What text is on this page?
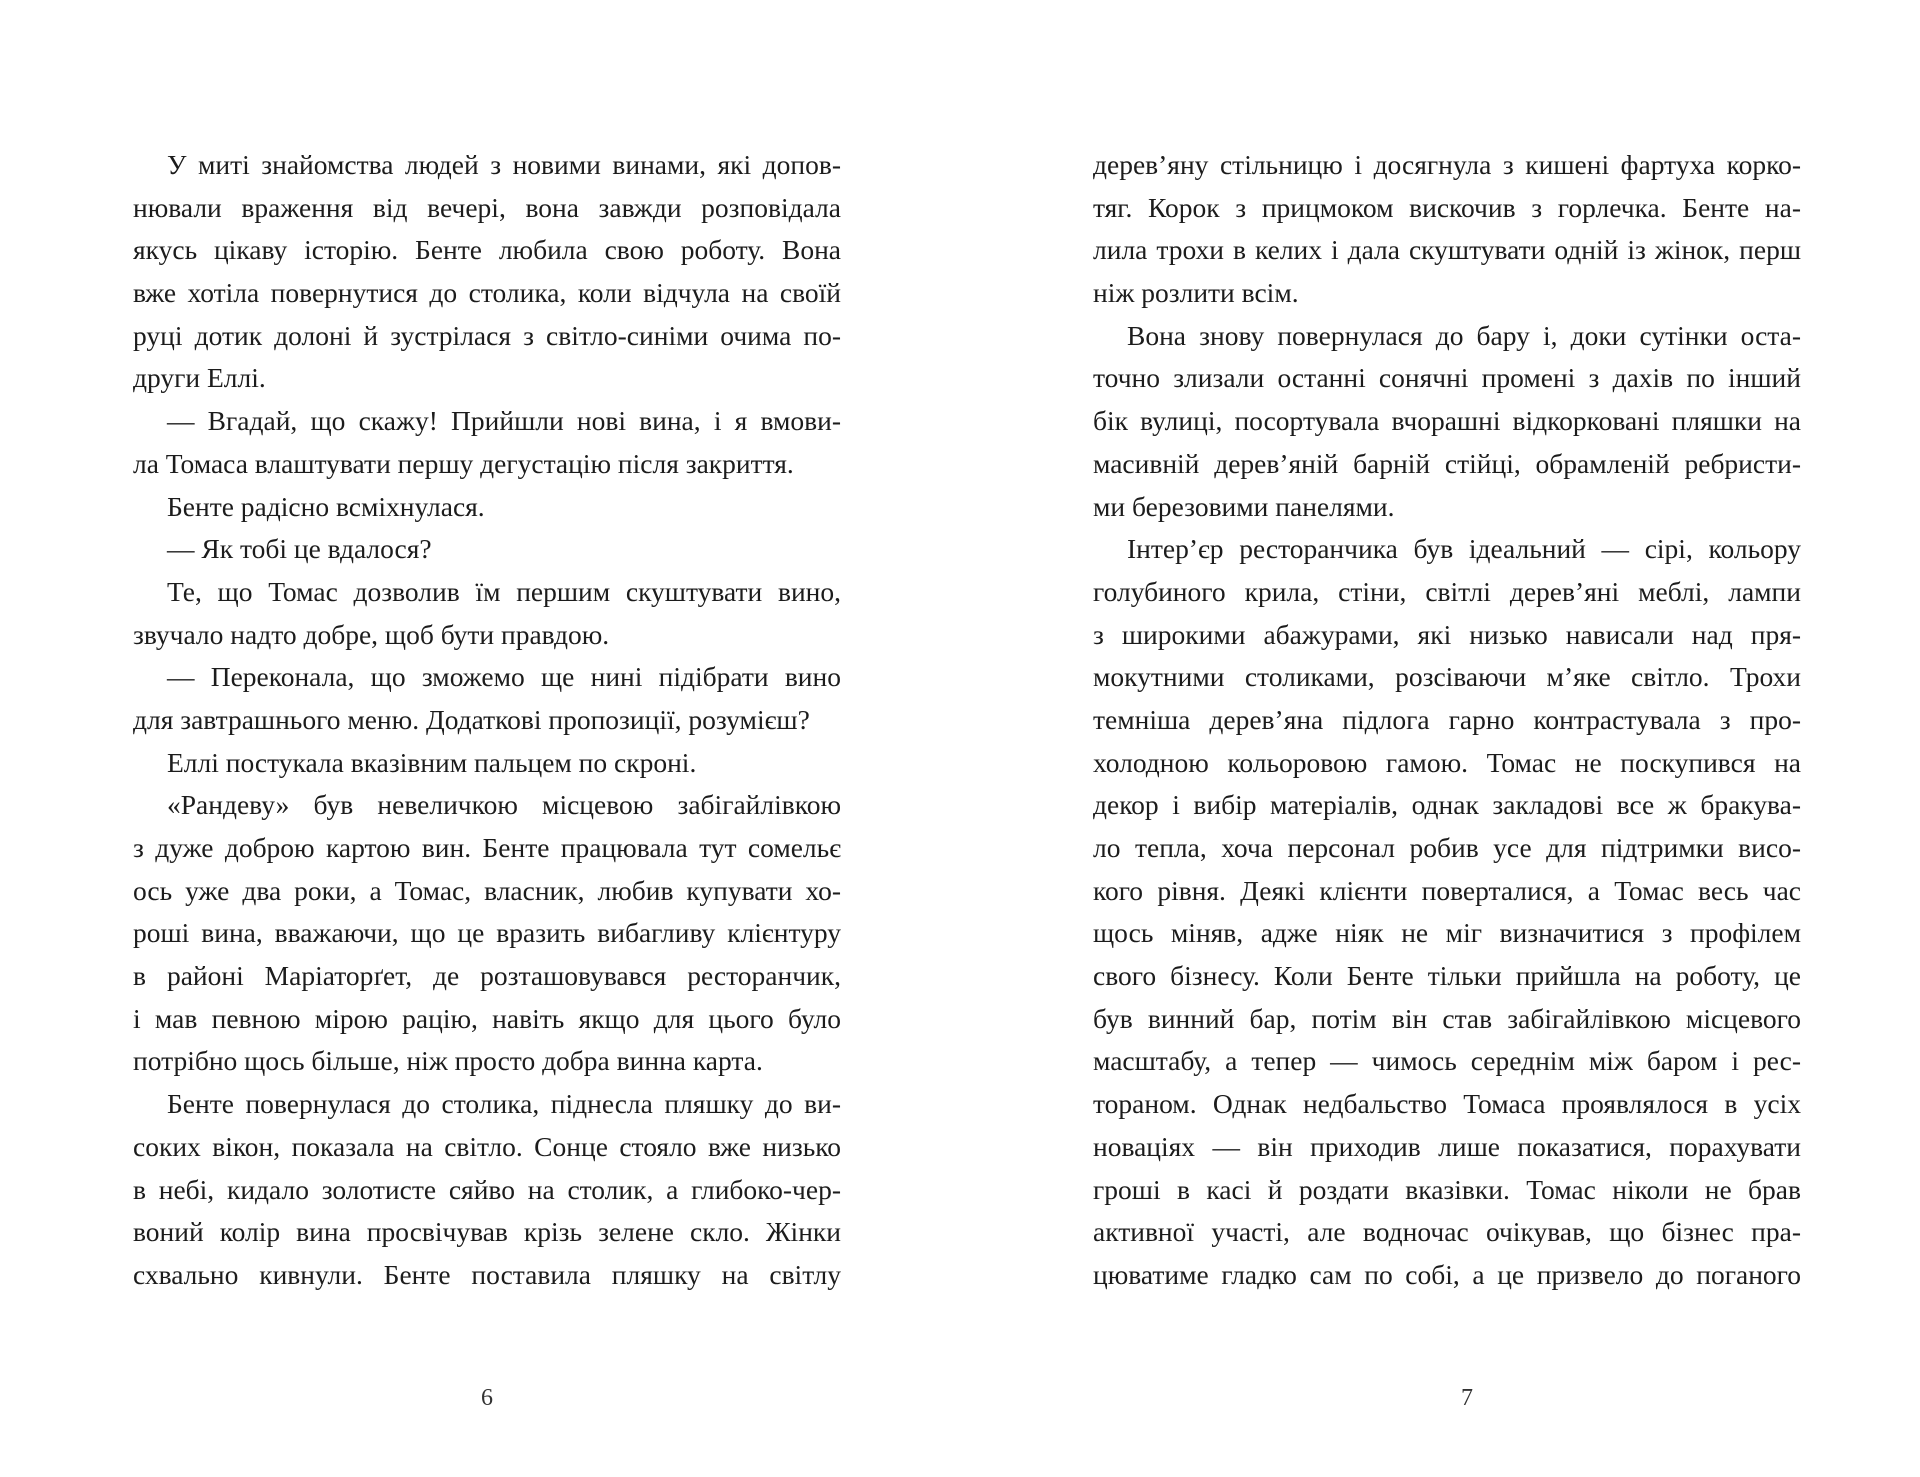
У миті знайомства людей з новими винами, які допов-
нювали враження від вечері, вона завжди розповідала
якусь цікаву історію. Бенте любила свою роботу. Вона
вже хотіла повернутися до столика, коли відчула на своїй
руці дотик долоні й зустрілася з світло-синіми очима по-
други Еллі.
— Вгадай, що скажу! Прийшли нові вина, і я вмови-
ла Томаса влаштувати першу дегустацію після закриття.
Бенте радісно всміхнулася.
— Як тобі це вдалося?
Те, що Томас дозволив їм першим скуштувати вино,
звучало надто добре, щоб бути правдою.
— Переконала, що зможемо ще нині підібрати вино
для завтрашнього меню. Додаткові пропозиції, розумієш?
Еллі постукала вказівним пальцем по скроні.
«Рандеву» був невеличкою місцевою забігайлівкою
з дуже доброю картою вин. Бенте працювала тут сомельє
ось уже два роки, а Томас, власник, любив купувати хо-
роші вина, вважаючи, що це вразить вибагливу клієнтуру
в районі Маріаторґет, де розташовувався ресторанчик,
і мав певною мірою рацію, навіть якщо для цього було
потрібно щось більше, ніж просто добра винна карта.
Бенте повернулася до столика, піднесла пляшку до ви-
соких вікон, показала на світло. Сонце стояло вже низько
в небі, кидало золотисте сяйво на столик, а глибоко-чер-
воний колір вина просвічував крізь зелене скло. Жінки
схвально кивнули. Бенте поставила пляшку на світлу
6
дерев’яну стільницю і досягнула з кишені фартуха корко-
тяг. Корок з прицмоком вискочив з горлечка. Бенте на-
лила трохи в келих і дала скуштувати одній із жінок, перш
ніж розлити всім.
Вона знову повернулася до бару і, доки сутінки оста-
точно злизали останні сонячні промені з дахів по інший
бік вулиці, посортувала вчорашні відкорковані пляшки на
масивній дерев’яній барній стійці, обрамленій ребристи-
ми березовими панелями.
Інтер’єр ресторанчика був ідеальний — сірі, кольору
голубиного крила, стіни, світлі дерев’яні меблі, лампи
з широкими абажурами, які низько нависали над пря-
мокутними столиками, розсіваючи м’яке світло. Трохи
темніша дерев’яна підлога гарно контрастувала з про-
холодною кольоровою гамою. Томас не поскупився на
декор і вибір матеріалів, однак закладові все ж бракува-
ло тепла, хоча персонал робив усе для підтримки висо-
кого рівня. Деякі клієнти поверталися, а Томас весь час
щось міняв, адже ніяк не міг визначитися з профілем
свого бізнесу. Коли Бенте тільки прийшла на роботу, це
був винний бар, потім він став забігайлівкою місцевого
масштабу, а тепер — чимось середнім між баром і рес-
тораном. Однак недбальство Томаса проявлялося в усіх
новаціях — він приходив лише показатися, порахувати
гроші в касі й роздати вказівки. Томас ніколи не брав
активної участі, але водночас очікував, що бізнес пра-
цюватиме гладко сам по собі, а це призвело до поганого
7
